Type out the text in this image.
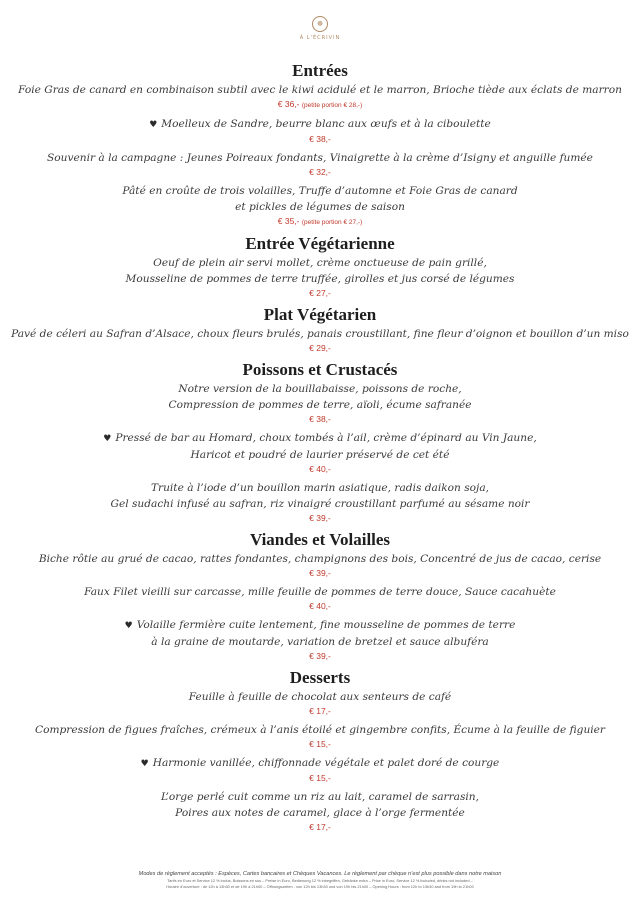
☸
À L'ÉCRIVIN
Entrées
Foie Gras de canard en combinaison subtil avec le kiwi acidulé et le marron, Brioche tiède aux éclats de marron
€ 36,- (petite portion € 28,-)
♥ Moelleux de Sandre, beurre blanc aux œufs et à la ciboulette
€ 38,-
Souvenir à la campagne : Jeunes Poireaux fondants, Vinaigrette à la crème d’Isigny et anguille fumée
€ 32,-
Pâté en croûte de trois volailles, Truffe d’automne et Foie Gras de canard
et pickles de légumes de saison
€ 35,- (petite portion € 27,-)
Entrée Végétarienne
Oeuf de plein air servi mollet, crème onctueuse de pain grillé,
Mousseline de pommes de terre truffée, girolles et jus corsé de légumes
€ 27,-
Plat Végétarien
Pavé de céleri au Safran d’Alsace, choux fleurs brulés, panais croustillant, fine fleur d’oignon et bouillon d’un miso
€ 29,-
Poissons et Crustacés
Notre version de la bouillabaisse, poissons de roche,
Compression de pommes de terre, aïoli, écume safranée
€ 38,-
♥ Pressé de bar au Homard, choux tombés à l’ail, crème d’épinard au Vin Jaune,
Haricot et poudré de laurier préservé de cet été
€ 40,-
Truite à l’iode d’un bouillon marin asiatique, radis daikon soja,
Gel sudachi infusé au safran, riz vinaigré croustillant parfumé au sésame noir
€ 39,-
Viandes et Volailles
Biche rôtie au grué de cacao, rattes fondantes, champignons des bois, Concentré de jus de cacao, cerise
€ 39,-
Faux Filet vieilli sur carcasse, mille feuille de pommes de terre douce, Sauce cacahuète
€ 40,-
♥ Volaille fermière cuite lentement, fine mousseline de pommes de terre
à la graine de moutarde, variation de bretzel et sauce albuféra
€ 39,-
Desserts
Feuille à feuille de chocolat aux senteurs de café
€ 17,-
Compression de figues fraîches, crémeux à l’anis étoilé et gingembre confits, Écume à la feuille de figuier
€ 15,-
♥ Harmonie vanillée, chiffonnade végétale et palet doré de courge
€ 15,-
L’orge perlé cuit comme un riz au lait, caramel de sarrasin,
Poires aux notes de caramel, glace à l’orge fermentée
€ 17,-
Modes de règlement acceptés : Espèces, Cartes bancaires et Chèques Vacances. Le règlement par chèque n’est plus possible dans notre maison
Tarifs en Euro et Service 12 % inclus, Boissons en sus – Preise in Euro, Bedienung 12 % inbegriffen, Getränke extra – Price in Euro, Service 12 % included, drinks not included –
Horaire d’ouverture : de 12h à 13h30 et de 19h à 21h00 – Öffnungszeiten : von 12h bis 13h30 und von 19h bis 21h00 – Opening Hours : from 12h to 13h30 and from 19h to 21h00
